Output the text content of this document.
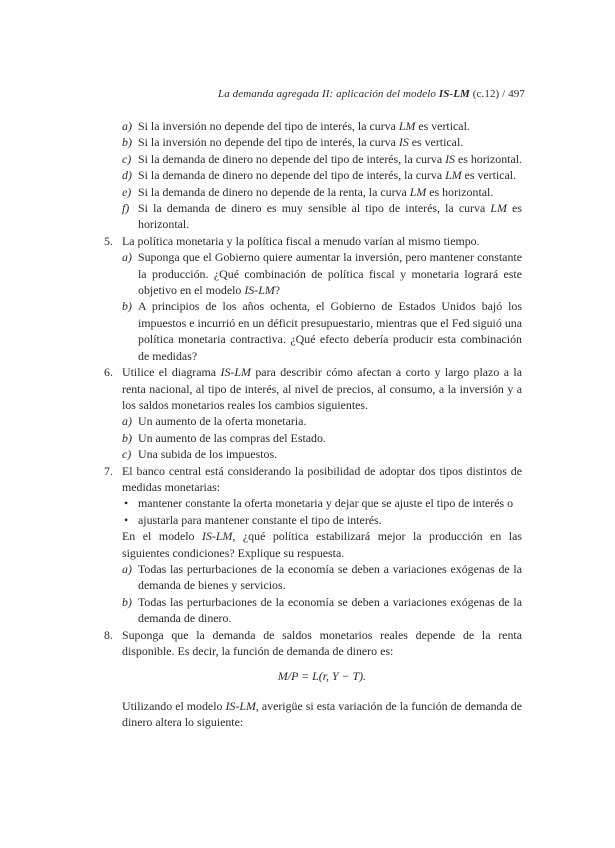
La demanda agregada II: aplicación del modelo IS-LM (c.12) / 497
a) Si la inversión no depende del tipo de interés, la curva LM es vertical.
b) Si la inversión no depende del tipo de interés, la curva IS es vertical.
c) Si la demanda de dinero no depende del tipo de interés, la curva IS es horizontal.
d) Si la demanda de dinero no depende del tipo de interés, la curva LM es vertical.
e) Si la demanda de dinero no depende de la renta, la curva LM es horizontal.
f) Si la demanda de dinero es muy sensible al tipo de interés, la curva LM es horizontal.
5. La política monetaria y la política fiscal a menudo varían al mismo tiempo.
a) Suponga que el Gobierno quiere aumentar la inversión, pero mantener constante la producción. ¿Qué combinación de política fiscal y monetaria logrará este objetivo en el modelo IS-LM?
b) A principios de los años ochenta, el Gobierno de Estados Unidos bajó los impuestos e incurrió en un déficit presupuestario, mientras que el Fed siguió una política monetaria contractiva. ¿Qué efecto debería producir esta combinación de medidas?
6. Utilice el diagrama IS-LM para describir cómo afectan a corto y largo plazo a la renta nacional, al tipo de interés, al nivel de precios, al consumo, a la inversión y a los saldos monetarios reales los cambios siguientes.
a) Un aumento de la oferta monetaria.
b) Un aumento de las compras del Estado.
c) Una subida de los impuestos.
7. El banco central está considerando la posibilidad de adoptar dos tipos distintos de medidas monetarias:
• mantener constante la oferta monetaria y dejar que se ajuste el tipo de interés o
• ajustarla para mantener constante el tipo de interés.
En el modelo IS-LM, ¿qué política estabilizará mejor la producción en las siguientes condiciones? Explique su respuesta.
a) Todas las perturbaciones de la economía se deben a variaciones exógenas de la demanda de bienes y servicios.
b) Todas las perturbaciones de la economía se deben a variaciones exógenas de la demanda de dinero.
8. Suponga que la demanda de saldos monetarios reales depende de la renta disponible. Es decir, la función de demanda de dinero es:
M/P = L(r, Y − T).
Utilizando el modelo IS-LM, averigüe si esta variación de la función de demanda de dinero altera lo siguiente:
